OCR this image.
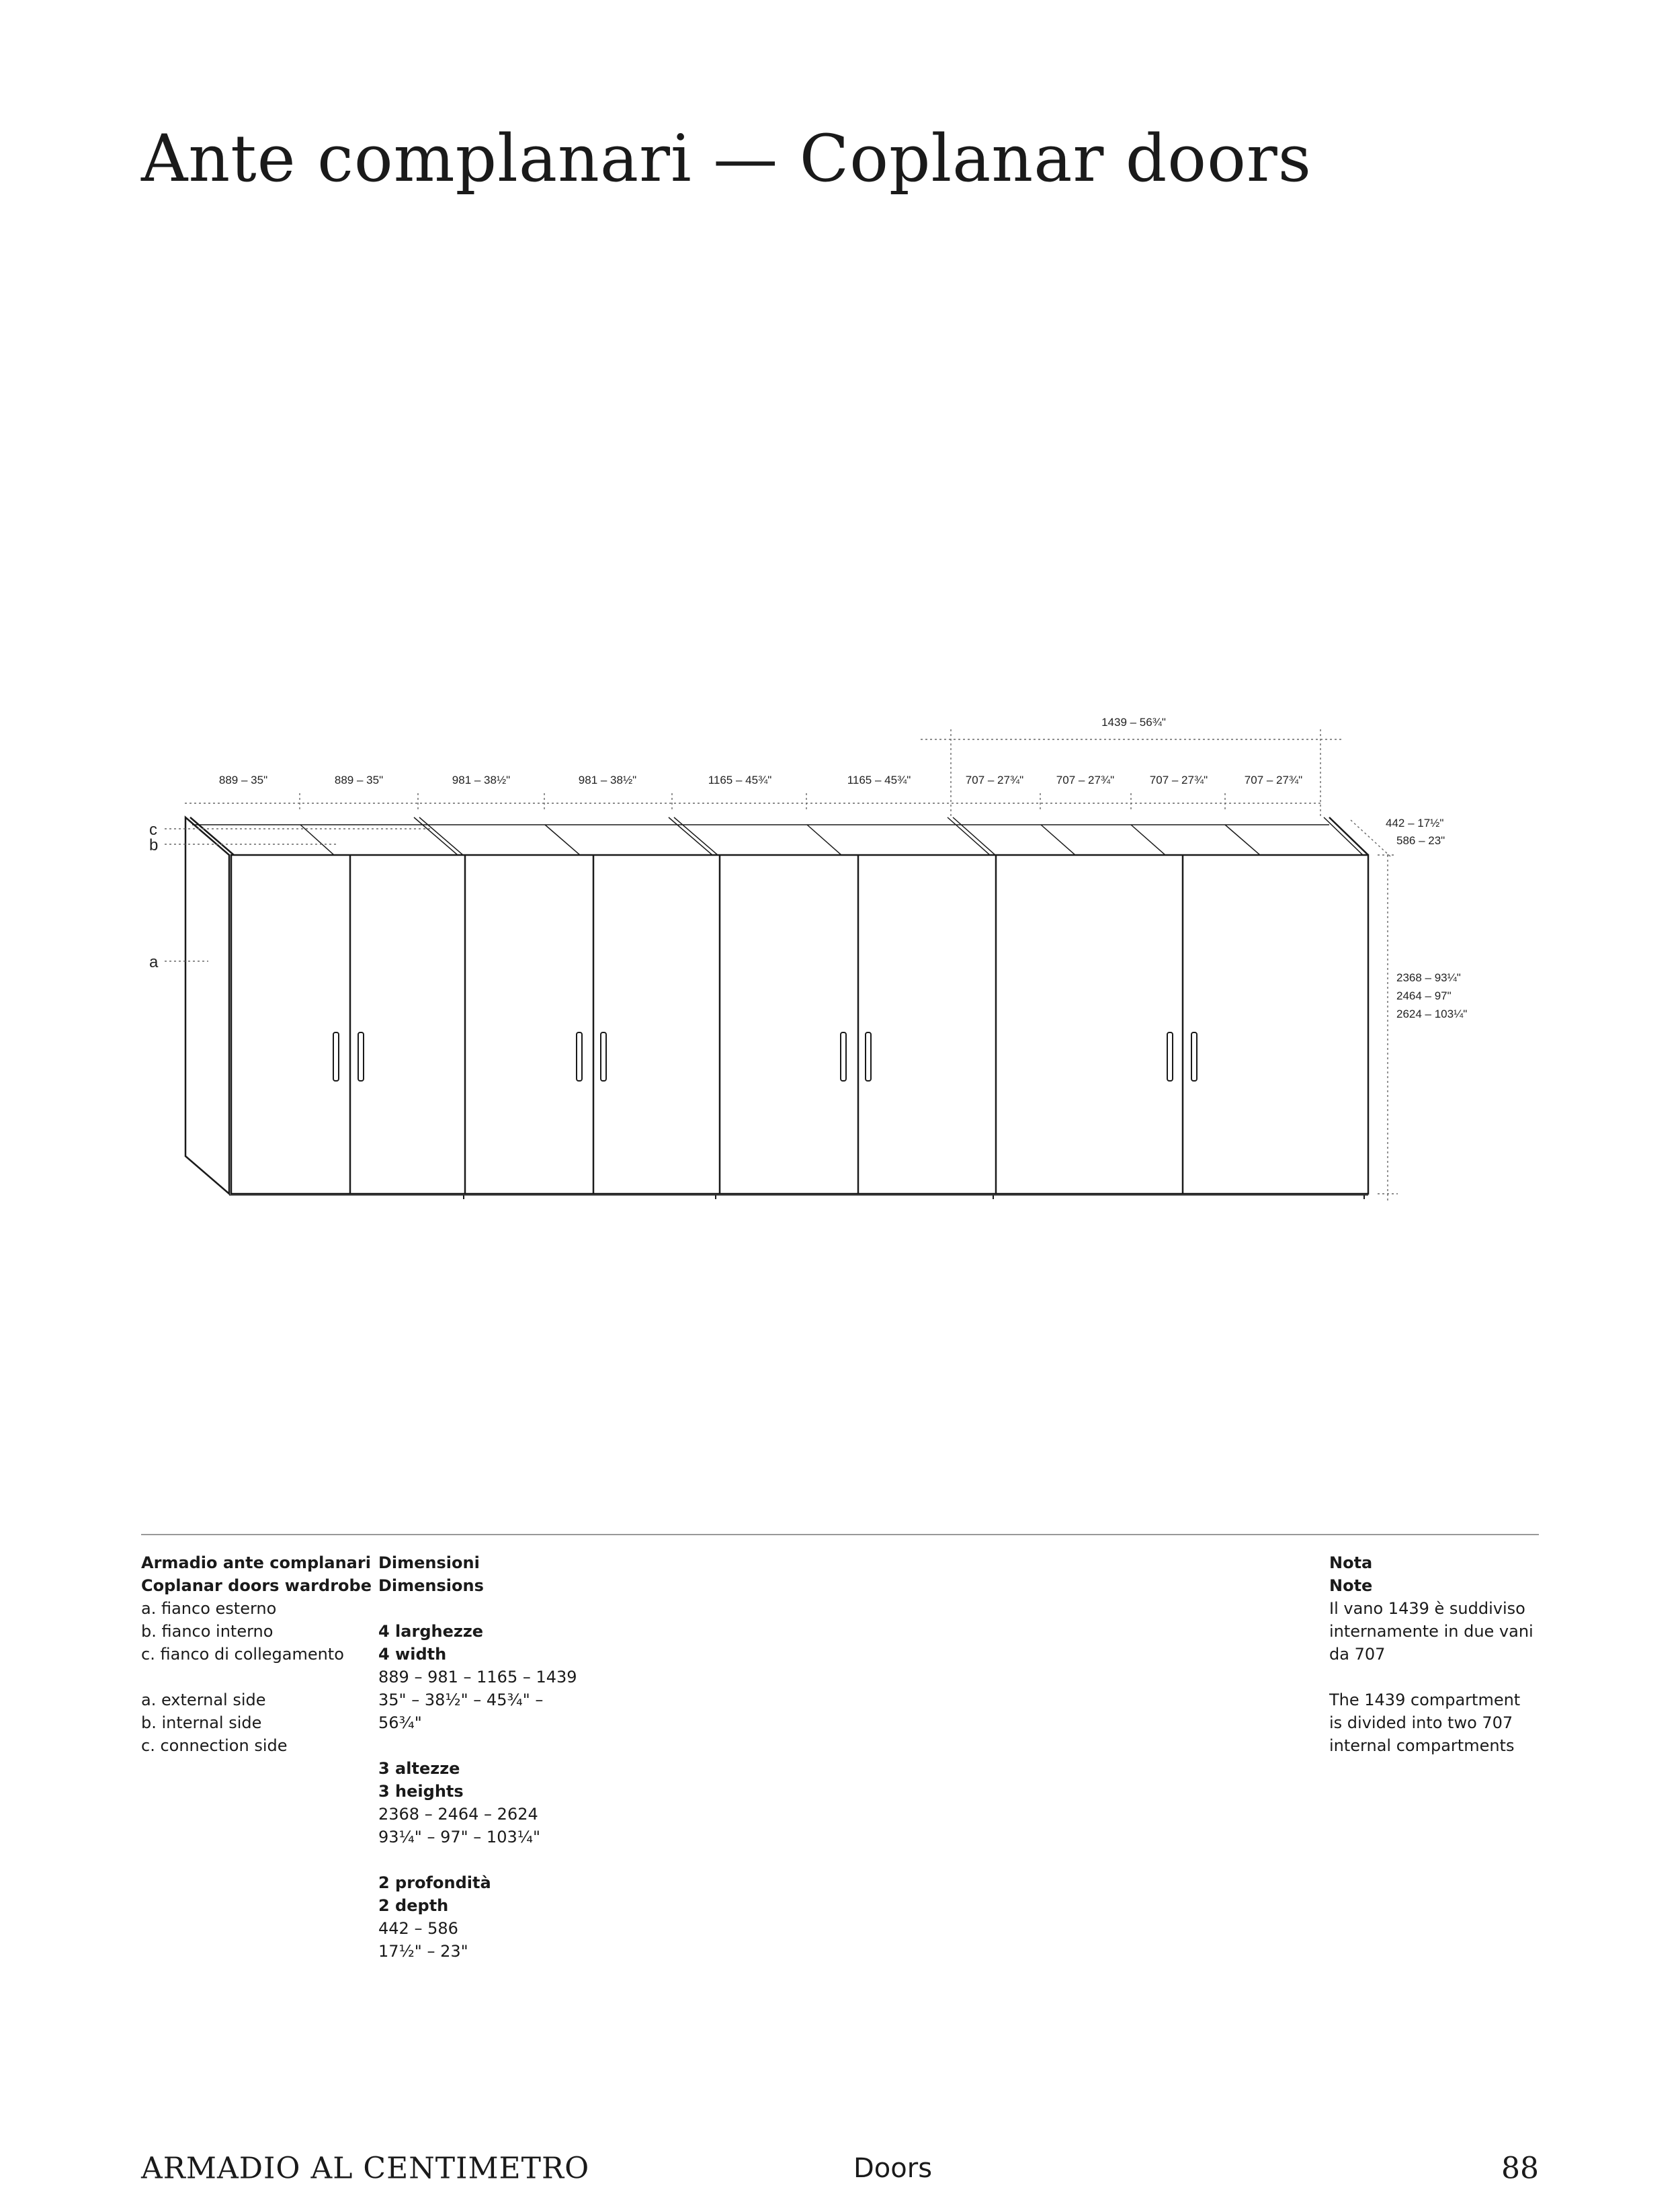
Ante complanari — Coplanar doors
1439 – 56¾"
889 – 35"	889 – 35"	981 – 38½"	981 – 38½"	1165 – 45¾"	1165 – 45¾"	707 – 27¾"	707 – 27¾"	707 – 27¾"	707 – 27¾"
442 – 17½"
586 – 23"
2368 – 93¼"
2464 – 97"
2624 – 103¼"
c
b
a
Armadio ante complanari
Coplanar doors wardrobe
a. fianco esterno
b. fianco interno
c. fianco di collegamento
a. external side
b. internal side
c. connection side
Dimensioni
Dimensions
4 larghezze
4 width
889 – 981 – 1165 – 1439
35" – 38½" – 45¾" –
56¾"
3 altezze
3 heights
2368 – 2464 – 2624
93¼" – 97" – 103¼"
2 profondità
2 depth
442 – 586
17½" – 23"
Nota
Note
Il vano 1439 è suddiviso
internamente in due vani
da 707
The 1439 compartment
is divided into two 707
internal compartments
ARMADIO AL CENTIMETRO	Doors	88
